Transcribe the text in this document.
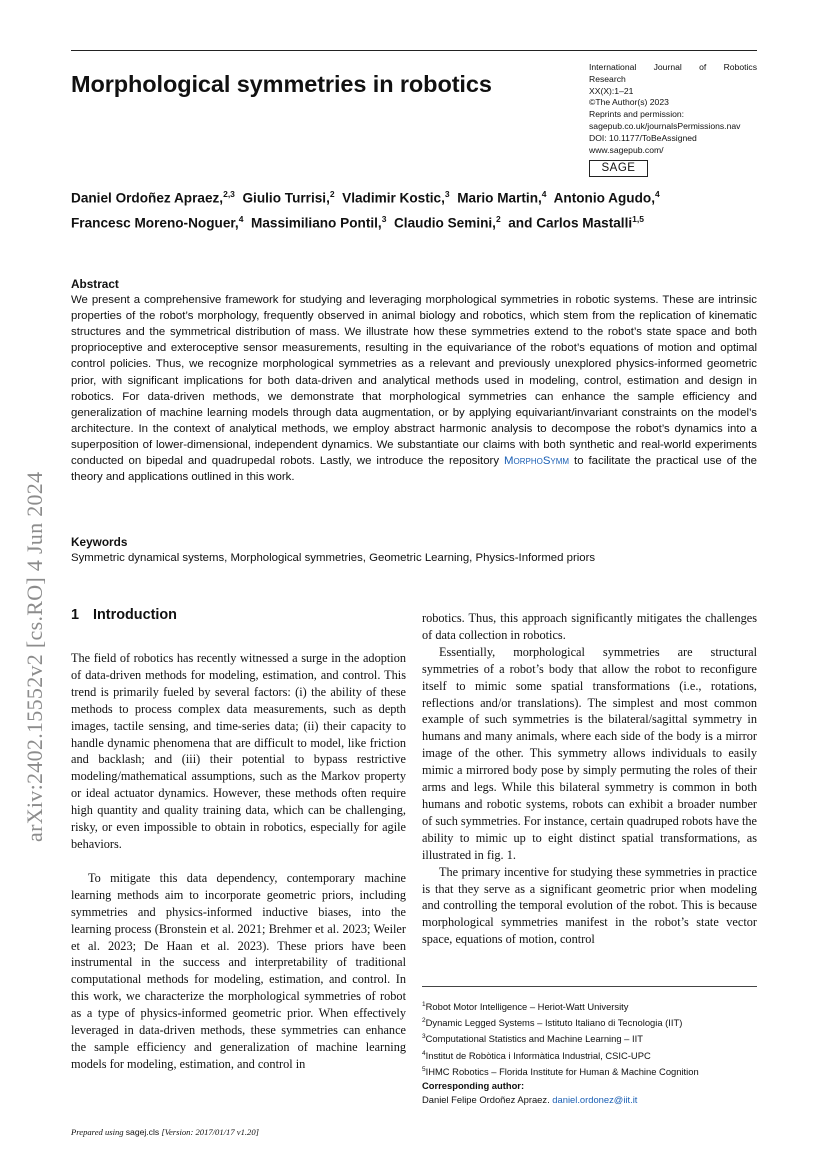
Morphological symmetries in robotics
International Journal of Robotics
Research
XX(X):1–21
©The Author(s) 2023
Reprints and permission:
sagepub.co.uk/journalsPermissions.nav
DOI: 10.1177/ToBeAssigned
www.sagepub.com/
SAGE
Daniel Ordoñez Apraez,$^{2,3}$ Giulio Turrisi,$^2$ Vladimir Kostic,$^3$ Mario Martin,$^4$ Antonio Agudo,$^4$
Francesc Moreno-Noguer,$^4$ Massimiliano Pontil,$^3$ Claudio Semini,$^2$ and Carlos Mastalli$^{1,5}$
Abstract

We present a comprehensive framework for studying and leveraging morphological symmetries in robotic systems. These are intrinsic properties of the robot’s morphology, frequently observed in animal biology and robotics, which stem from the replication of kinematic structures and the symmetrical distribution of mass. We illustrate how these symmetries extend to the robot’s state space and both proprioceptive and exteroceptive sensor measurements, resulting in the equivariance of the robot’s equations of motion and optimal control policies. Thus, we recognize morphological symmetries as a relevant and previously unexplored physics-informed geometric prior, with significant implications for both data-driven and analytical methods used in modeling, control, estimation and design in robotics. For data-driven methods, we demonstrate that morphological symmetries can enhance the sample efficiency and generalization of machine learning models through data augmentation, or by applying equivariant/invariant constraints on the model’s architecture. In the context of analytical methods, we employ abstract harmonic analysis to decompose the robot’s dynamics into a superposition of lower-dimensional, independent dynamics. We substantiate our claims with both synthetic and real-world experiments conducted on bipedal and quadrupedal robots. Lastly, we introduce the repository MorphoSymm to facilitate the practical use of the theory and applications outlined in this work.

Keywords
Symmetric dynamical systems, Morphological symmetries, Geometric Learning, Physics-Informed priors
arXiv:2402.15552v2 [cs.RO] 4 Jun 2024 1 Introduction

The field of robotics has recently witnessed a surge in the adoption of data-driven methods for modeling, estimation, and control. This trend is primarily fueled by several factors: (i) the ability of these methods to process complex data measurements, such as depth images, tactile sensing, and time-series data; (ii) their capacity to handle dynamic phenomena that are difficult to model, like friction and backlash; and (iii) their potential to bypass restrictive modeling/mathematical assumptions, such as the Markov property or ideal actuator dynamics. However, these methods often require high quantity and quality training data, which can be challenging, risky, or even impossible to obtain in robotics, especially for agile behaviors.

To mitigate this data dependency, contemporary machine learning methods aim to incorporate geometric priors, including symmetries and physics-informed inductive biases, into the learning process (Bronstein et al. 2021; Brehmer et al. 2023; Weiler et al. 2023; De Haan et al. 2023). These priors have been instrumental in the success and interpretability of traditional computational methods for modeling, estimation, and control. In this work, we characterize the morphological symmetries of robot as a type of physics-informed geometric prior. When effectively leveraged in data-driven methods, these symmetries can enhance the sample efficiency and generalization of machine learning models for modeling, estimation, and control in

robotics. Thus, this approach significantly mitigates the challenges of data collection in robotics.

Essentially, morphological symmetries are structural symmetries of a robot’s body that allow the robot to reconfigure itself to mimic some spatial transformations (i.e., rotations, reflections and/or translations). The simplest and most common example of such symmetries is the bilateral/sagittal symmetry in humans and many animals, where each side of the body is a mirror image of the other. This symmetry allows individuals to easily mimic a mirrored body pose by simply permuting the roles of their arms and legs. While this bilateral symmetry is common in both humans and robotic systems, robots can exhibit a broader number of such symmetries. For instance, certain quadruped robots have the ability to mimic up to eight distinct spatial transformations, as illustrated in fig. 1.

The primary incentive for studying these symmetries in practice is that they serve as a significant geometric prior when modeling and controlling the temporal evolution of the robot. This is because morphological symmetries manifest in the robot’s state vector space, equations of motion, control

$^1$Robot Motor Intelligence – Heriot-Watt University
$^2$Dynamic Legged Systems – Istituto Italiano di Tecnologia (IIT)
$^3$Computational Statistics and Machine Learning – IIT
$^4$Institut de Robòtica i Informàtica Industrial, CSIC-UPC
$^5$IHMC Robotics – Florida Institute for Human & Machine Cognition
Corresponding author:
Daniel Felipe Ordoñez Apraez. daniel.ordonez@iit.it
Prepared using sagej.cls [Version: 2017/01/17 v1.20]
